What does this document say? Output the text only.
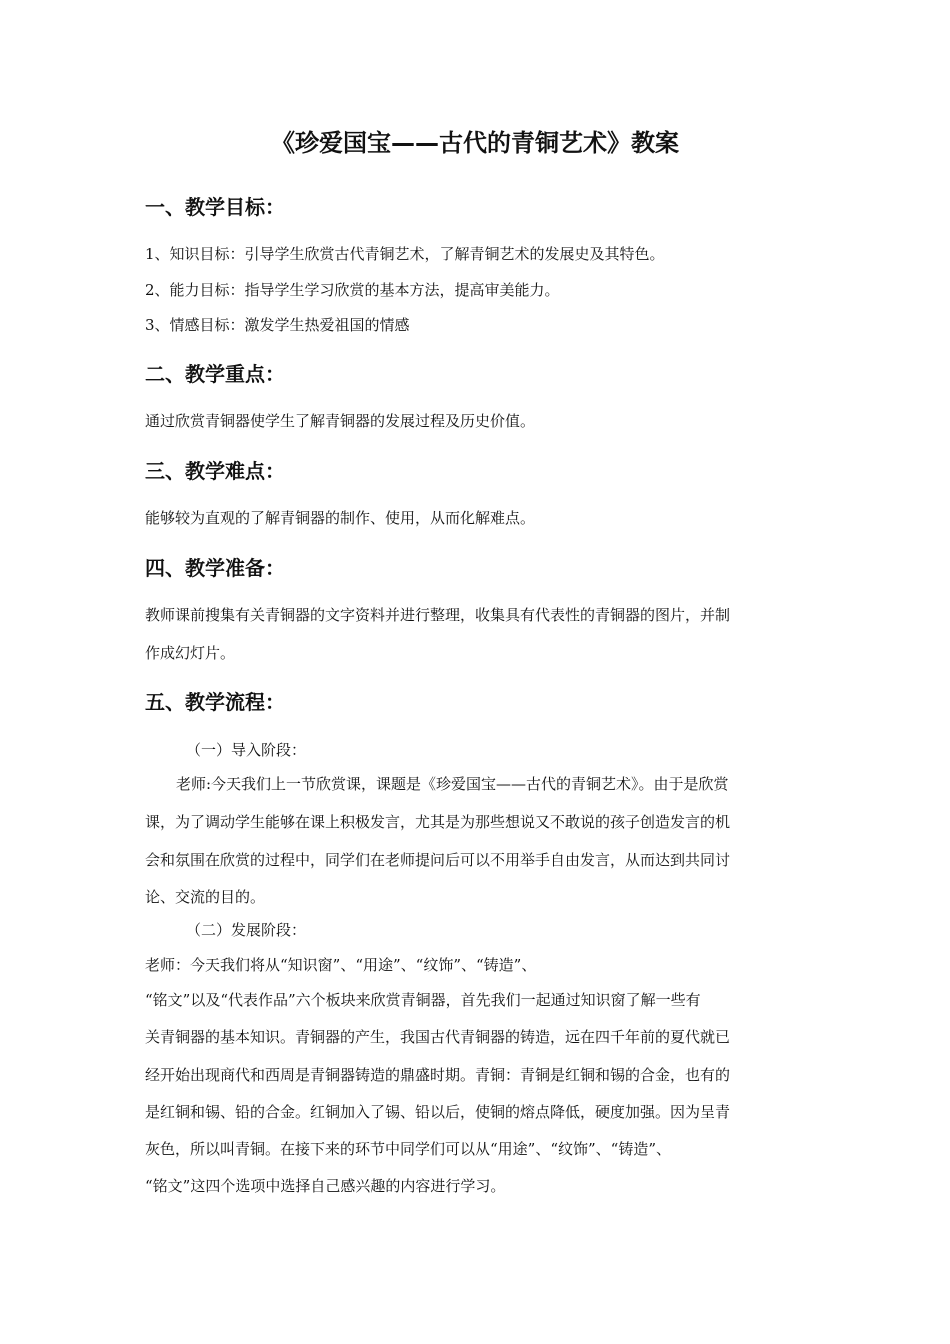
《珍爱国宝——古代的青铜艺术》教案
一、教学目标：

1、知识目标：引导学生欣赏古代青铜艺术，了解青铜艺术的发展史及其特色。

2、能力目标：指导学生学习欣赏的基本方法，提高审美能力。

3、情感目标：激发学生热爱祖国的情感

二、教学重点：

通过欣赏青铜器使学生了解青铜器的发展过程及历史价值。

三、教学难点：

能够较为直观的了解青铜器的制作、使用，从而化解难点。

四、教学准备：

教师课前搜集有关青铜器的文字资料并进行整理，收集具有代表性的青铜器的图片，并制

作成幻灯片。

五、教学流程：

（一）导入阶段：

老师:今天我们上一节欣赏课，课题是《珍爱国宝——古代的青铜艺术》。由于是欣赏

课，为了调动学生能够在课上积极发言，尤其是为那些想说又不敢说的孩子创造发言的机

会和氛围在欣赏的过程中，同学们在老师提问后可以不用举手自由发言，从而达到共同讨

论、交流的目的。

（二）发展阶段：

老师：今天我们将从“知识窗”、“用途”、“纹饰”、“铸造”、

“铭文”以及“代表作品”六个板块来欣赏青铜器，首先我们一起通过知识窗了解一些有

关青铜器的基本知识。青铜器的产生，我国古代青铜器的铸造，远在四千年前的夏代就已

经开始出现商代和西周是青铜器铸造的鼎盛时期。青铜：青铜是红铜和锡的合金，也有的

是红铜和锡、铅的合金。红铜加入了锡、铅以后，使铜的熔点降低，硬度加强。因为呈青

灰色，所以叫青铜。在接下来的环节中同学们可以从“用途”、“纹饰”、“铸造”、

“铭文”这四个选项中选择自己感兴趣的内容进行学习。
